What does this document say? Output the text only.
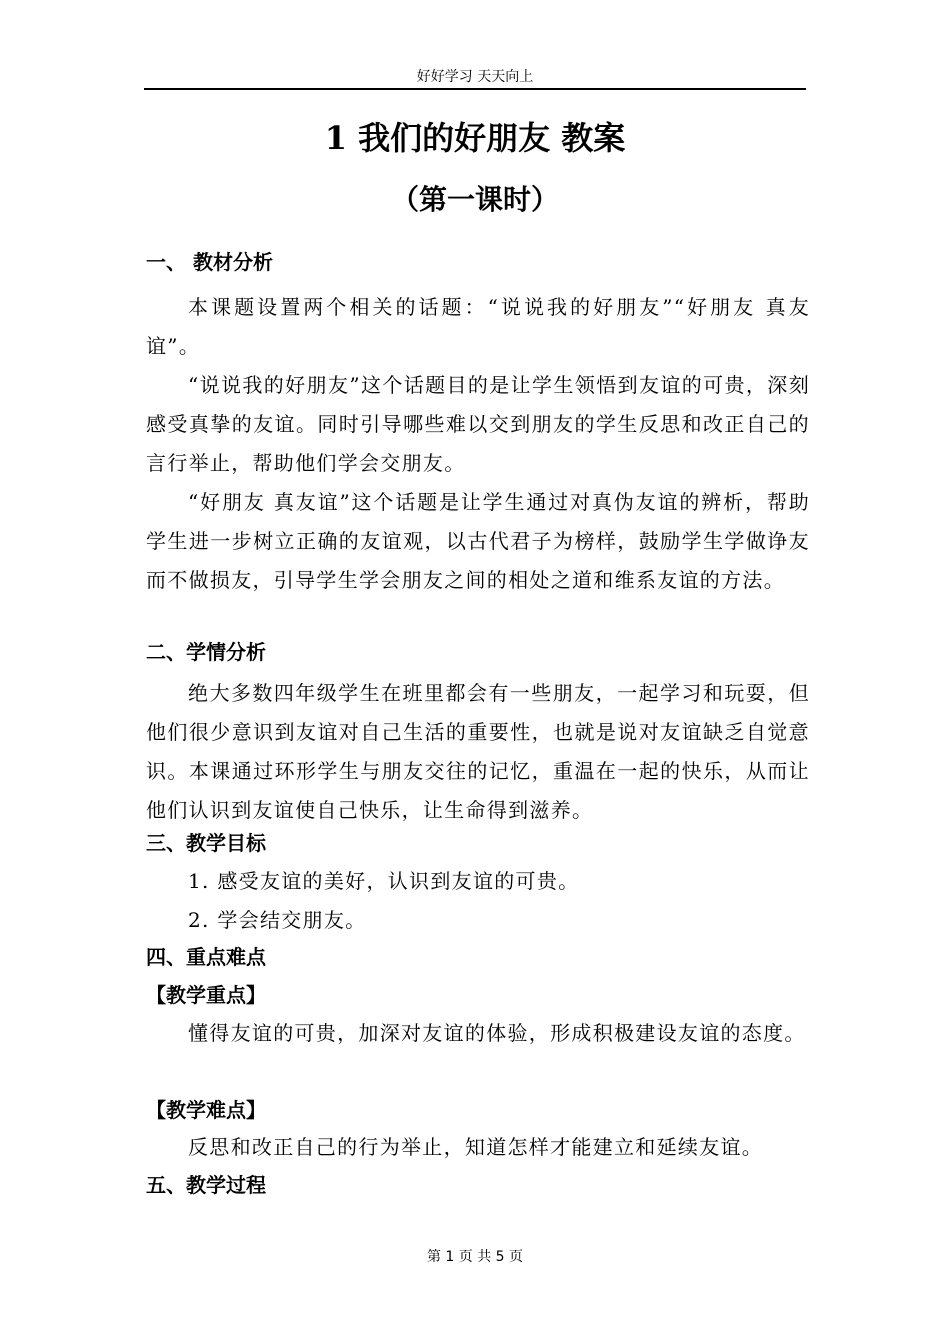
好好学习 天天向上
1 我们的好朋友 教案
（第一课时）
一、 教材分析
本课题设置两个相关的话题：“说说我的好朋友”“好朋友 真友谊”。
“说说我的好朋友”这个话题目的是让学生领悟到友谊的可贵，深刻感受真挚的友谊。同时引导哪些难以交到朋友的学生反思和改正自己的言行举止，帮助他们学会交朋友。
“好朋友 真友谊”这个话题是让学生通过对真伪友谊的辨析，帮助学生进一步树立正确的友谊观，以古代君子为榜样，鼓励学生学做诤友而不做损友，引导学生学会朋友之间的相处之道和维系友谊的方法。
二、学情分析
绝大多数四年级学生在班里都会有一些朋友，一起学习和玩耍，但他们很少意识到友谊对自己生活的重要性，也就是说对友谊缺乏自觉意识。本课通过环形学生与朋友交往的记忆，重温在一起的快乐，从而让他们认识到友谊使自己快乐，让生命得到滋养。
三、教学目标
1. 感受友谊的美好，认识到友谊的可贵。
2. 学会结交朋友。
四、重点难点
【教学重点】
懂得友谊的可贵，加深对友谊的体验，形成积极建设友谊的态度。
【教学难点】
反思和改正自己的行为举止，知道怎样才能建立和延续友谊。
五、教学过程
第 1 页 共 5 页
